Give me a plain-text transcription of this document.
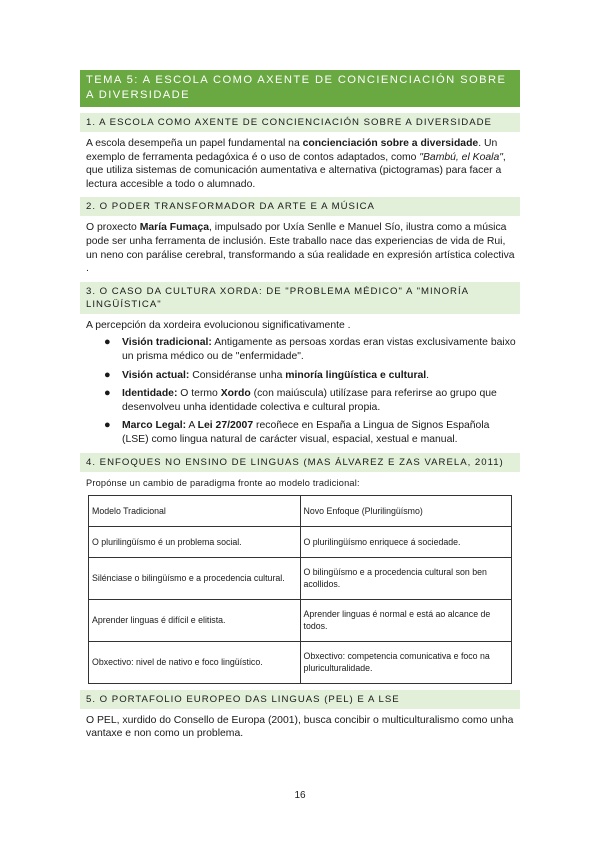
TEMA 5: A ESCOLA COMO AXENTE DE CONCIENCIACIÓN SOBRE A DIVERSIDADE
1. A ESCOLA COMO AXENTE DE CONCIENCIACIÓN SOBRE A DIVERSIDADE
A escola desempeña un papel fundamental na concienciación sobre a diversidade. Un exemplo de ferramenta pedagóxica é o uso de contos adaptados, como "Bambú, el Koala", que utiliza sistemas de comunicación aumentativa e alternativa (pictogramas) para facer a lectura accesible a todo o alumnado.
2. O PODER TRANSFORMADOR DA ARTE E A MÚSICA
O proxecto María Fumaça, impulsado por Uxía Senlle e Manuel Sío, ilustra como a música pode ser unha ferramenta de inclusión. Este traballo nace das experiencias de vida de Rui, un neno con parálise cerebral, transformando a súa realidade en expresión artística colectiva .
3. O CASO DA CULTURA XORDA: DE "PROBLEMA MÉDICO" A "MINORÍA LINGÜÍSTICA"
A percepción da xordeira evolucionou significativamente .
● Visión tradicional: Antigamente as persoas xordas eran vistas exclusivamente baixo un prisma médico ou de "enfermidade".
● Visión actual: Considéranse unha minoría lingüística e cultural.
● Identidade: O termo Xordo (con maiúscula) utilízase para referirse ao grupo que desenvolveu unha identidade colectiva e cultural propia.
● Marco Legal: A Lei 27/2007 recoñece en España a Lingua de Signos Española (LSE) como lingua natural de carácter visual, espacial, xestual e manual.
4. ENFOQUES NO ENSINO DE LINGUAS (MAS ÁLVAREZ E ZAS VARELA, 2011)
Propónse un cambio de paradigma fronte ao modelo tradicional:
Modelo Tradicional	Novo Enfoque (Plurilingüísmo)
O plurilingüísmo é un problema social.	O plurilingüísmo enriquece á sociedade.
Silénciase o bilingüísmo e a procedencia cultural.	O bilingüísmo e a procedencia cultural son ben acollidos.
Aprender linguas é difícil e elitista.	Aprender linguas é normal e está ao alcance de todos.
Obxectivo: nivel de nativo e foco lingüístico.	Obxectivo: competencia comunicativa e foco na pluriculturalidade.
5. O PORTAFOLIO EUROPEO DAS LINGUAS (PEL) E A LSE
O PEL, xurdido do Consello de Europa (2001), busca concibir o multiculturalismo como unha vantaxe e non como un problema.
16
